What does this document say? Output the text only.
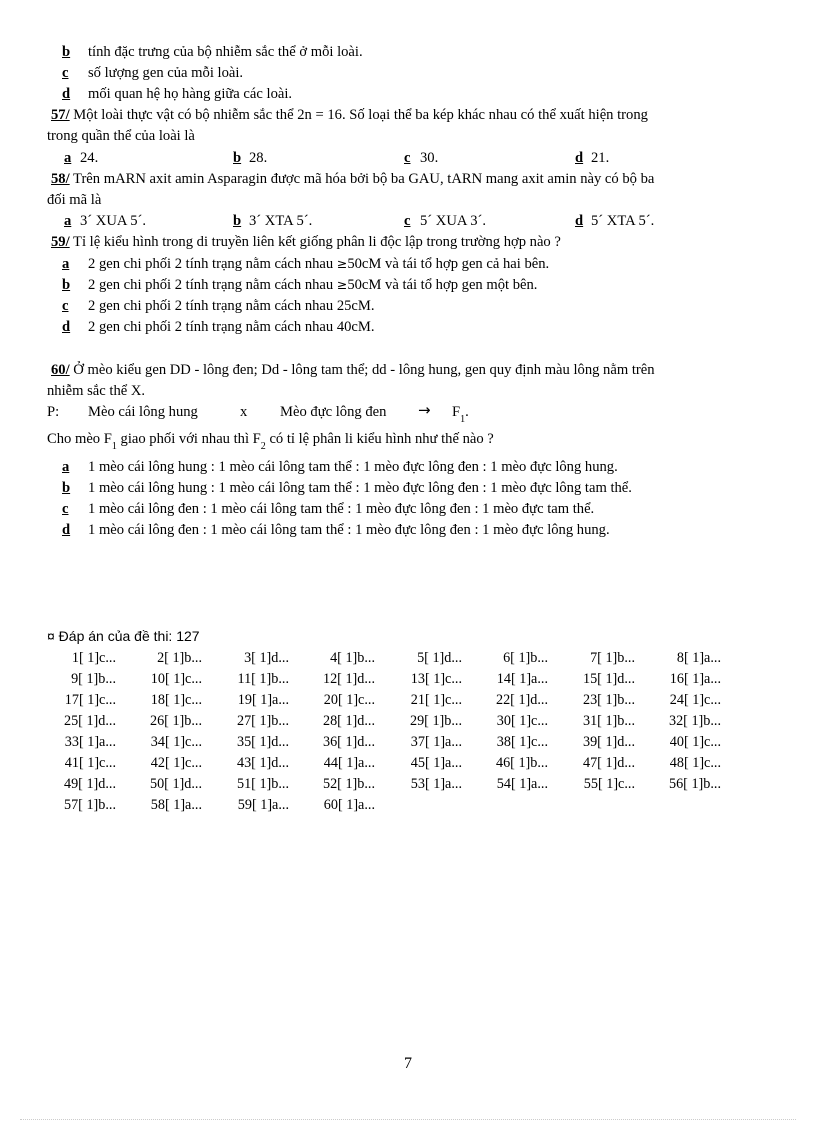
b tính đặc trưng của bộ nhiễm sắc thể ở mỗi loài.
c số lượng gen của mỗi loài.
d mối quan hệ họ hàng giữa các loài.
57/ Một loài thực vật có bộ nhiễm sắc thể 2n = 16. Số loại thể ba kép khác nhau có thể xuất hiện trong
trong quần thể của loài là
a 24.	b 28.	c 30.	d 21.
58/ Trên mARN axit amin Asparagin được mã hóa bởi bộ ba GAU, tARN mang axit amin này có bộ ba
đối mã là
a 3´ XUA 5´.	b 3´ XTA 5´.	c 5´ XUA 3´.	d 5´ XTA 5´.
59/ Tỉ lệ kiểu hình trong di truyền liên kết giống phân li độc lập trong trường hợp nào ?
a 2 gen chi phối 2 tính trạng nằm cách nhau ≥50cM và tái tổ hợp gen cả hai bên.
b 2 gen chi phối 2 tính trạng nằm cách nhau ≥50cM và tái tổ hợp gen một bên.
c 2 gen chi phối 2 tính trạng nằm cách nhau 25cM.
d 2 gen chi phối 2 tính trạng nằm cách nhau 40cM.
60/ Ở mèo kiểu gen DD - lông đen; Dd - lông tam thể; dd - lông hung, gen quy định màu lông nằm trên
nhiễm sắc thể X.
P: Mèo cái lông hung	x Mèo đực lông đen → $F_1$.
Cho mèo $F_1$ giao phối với nhau thì $F_2$ có tỉ lệ phân li kiểu hình như thế nào ?
a 1 mèo cái lông hung : 1 mèo cái lông tam thể : 1 mèo đực lông đen : 1 mèo đực lông hung.
b 1 mèo cái lông hung : 1 mèo cái lông tam thể : 1 mèo đực lông đen : 1 mèo đực lông tam thể.
c 1 mèo cái lông đen : 1 mèo cái lông tam thể : 1 mèo đực lông đen : 1 mèo đực tam thể.
d 1 mèo cái lông đen : 1 mèo cái lông tam thể : 1 mèo đực lông đen : 1 mèo đực lông hung.
¤ Đáp án của đề thi: 127
1[ 1]c...	2[ 1]b...	3[ 1]d...	4[ 1]b...	5[ 1]d...	6[ 1]b...	7[ 1]b...	8[ 1]a...
9[ 1]b...	10[ 1]c...	11[ 1]b...	12[ 1]d...	13[ 1]c...	14[ 1]a...	15[ 1]d...	16[ 1]a...
17[ 1]c...	18[ 1]c...	19[ 1]a...	20[ 1]c...	21[ 1]c...	22[ 1]d...	23[ 1]b...	24[ 1]c...
25[ 1]d...	26[ 1]b...	27[ 1]b...	28[ 1]d...	29[ 1]b...	30[ 1]c...	31[ 1]b...	32[ 1]b...
33[ 1]a...	34[ 1]c...	35[ 1]d...	36[ 1]d...	37[ 1]a...	38[ 1]c...	39[ 1]d...	40[ 1]c...
41[ 1]c...	42[ 1]c...	43[ 1]d...	44[ 1]a...	45[ 1]a...	46[ 1]b...	47[ 1]d...	48[ 1]c...
49[ 1]d...	50[ 1]d...	51[ 1]b...	52[ 1]b...	53[ 1]a...	54[ 1]a...	55[ 1]c...	56[ 1]b...
57[ 1]b...	58[ 1]a...	59[ 1]a...	60[ 1]a...
7
